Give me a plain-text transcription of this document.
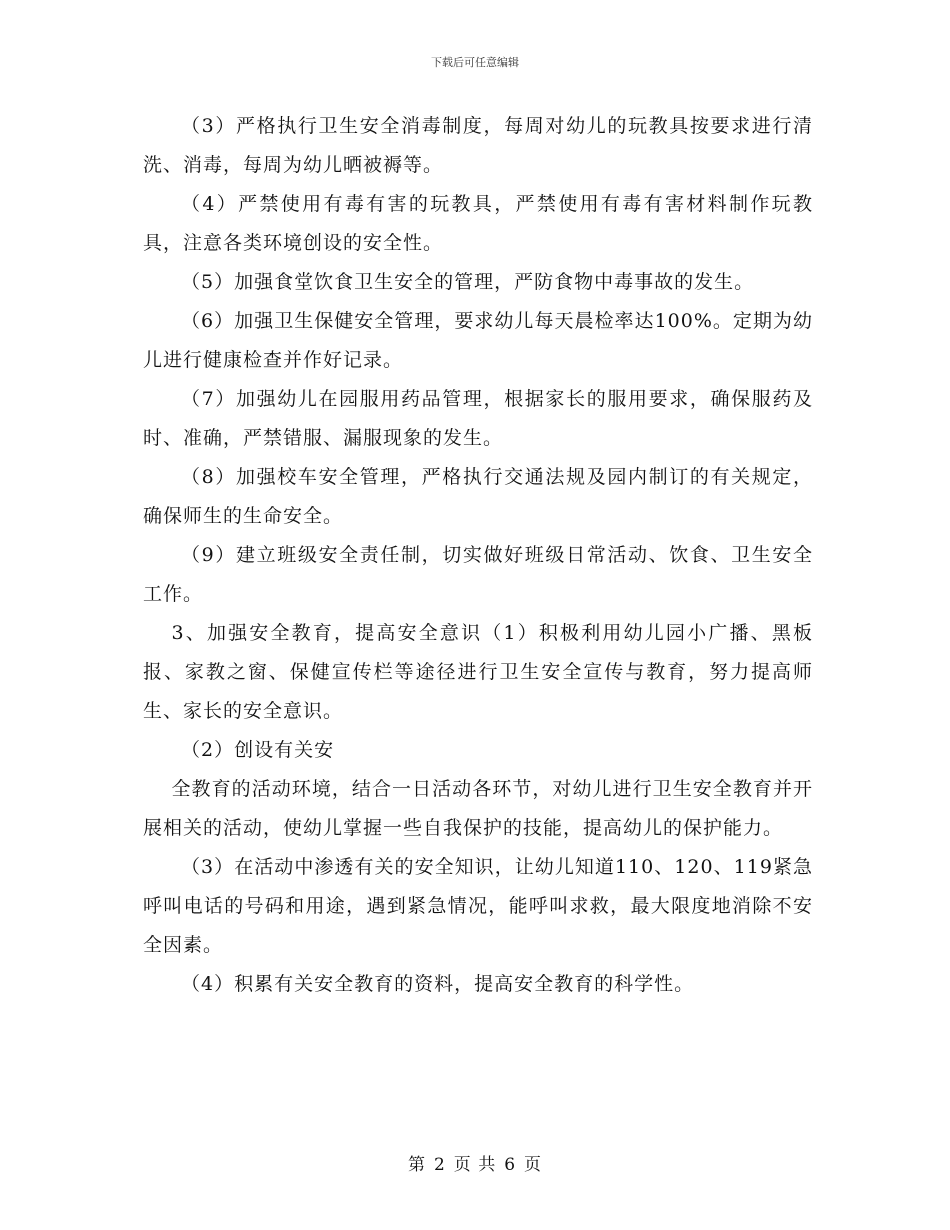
下载后可任意编辑

（3）严格执行卫生安全消毒制度，每周对幼儿的玩教具按要求进行清洗、消毒，每周为幼儿晒被褥等。

（4）严禁使用有毒有害的玩教具，严禁使用有毒有害材料制作玩教具，注意各类环境创设的安全性。

（5）加强食堂饮食卫生安全的管理，严防食物中毒事故的发生。

（6）加强卫生保健安全管理，要求幼儿每天晨检率达100%。定期为幼儿进行健康检查并作好记录。

（7）加强幼儿在园服用药品管理，根据家长的服用要求，确保服药及时、准确，严禁错服、漏服现象的发生。

（8）加强校车安全管理，严格执行交通法规及园内制订的有关规定，确保师生的生命安全。

（9）建立班级安全责任制，切实做好班级日常活动、饮食、卫生安全工作。

3、加强安全教育，提高安全意识（1）积极利用幼儿园小广播、黑板报、家教之窗、保健宣传栏等途径进行卫生安全宣传与教育，努力提高师生、家长的安全意识。

（2）创设有关安

全教育的活动环境，结合一日活动各环节，对幼儿进行卫生安全教育并开展相关的活动，使幼儿掌握一些自我保护的技能，提高幼儿的保护能力。

（3）在活动中渗透有关的安全知识，让幼儿知道110、120、119紧急呼叫电话的号码和用途，遇到紧急情况，能呼叫求救，最大限度地消除不安全因素。

（4）积累有关安全教育的资料，提高安全教育的科学性。

第 2 页 共 6 页
